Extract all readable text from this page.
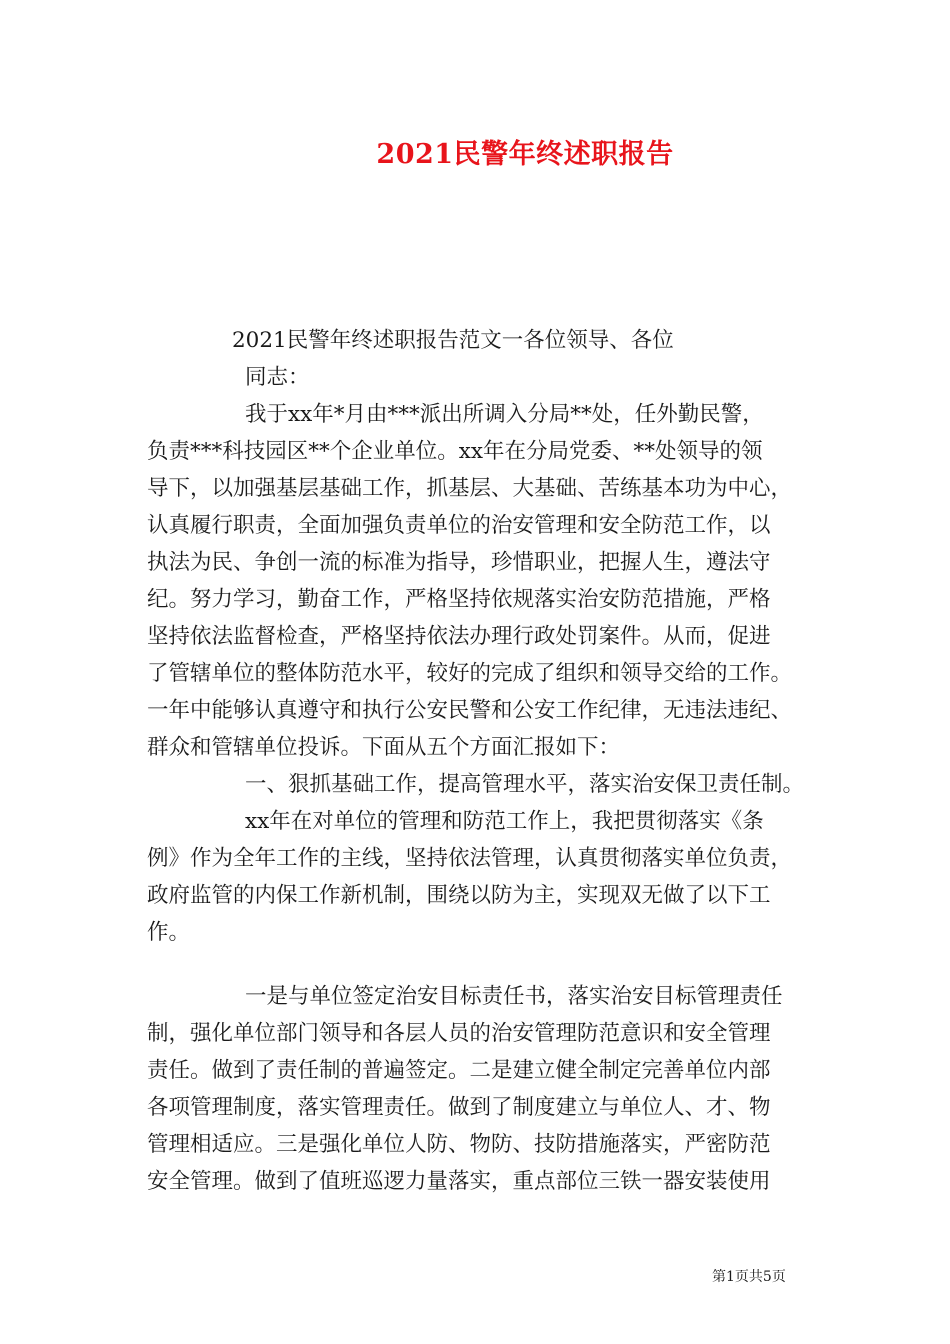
2021民警年终述职报告

2021民警年终述职报告范文一各位领导、各位

同志：

我于xx年*月由***派出所调入分局**处，任外勤民警，

负责***科技园区**个企业单位。xx年在分局党委、**处领导的领

导下，以加强基层基础工作，抓基层、大基础、苦练基本功为中心，

认真履行职责，全面加强负责单位的治安管理和安全防范工作，以

执法为民、争创一流的标准为指导，珍惜职业，把握人生，遵法守

纪。努力学习，勤奋工作，严格坚持依规落实治安防范措施，严格

坚持依法监督检查，严格坚持依法办理行政处罚案件。从而，促进

了管辖单位的整体防范水平，较好的完成了组织和领导交给的工作。

一年中能够认真遵守和执行公安民警和公安工作纪律，无违法违纪、

群众和管辖单位投诉。下面从五个方面汇报如下：

一、狠抓基础工作，提高管理水平，落实治安保卫责任制。

xx年在对单位的管理和防范工作上，我把贯彻落实《条

例》作为全年工作的主线，坚持依法管理，认真贯彻落实单位负责，

政府监管的内保工作新机制，围绕以防为主，实现双无做了以下工

作。

一是与单位签定治安目标责任书，落实治安目标管理责任

制，强化单位部门领导和各层人员的治安管理防范意识和安全管理

责任。做到了责任制的普遍签定。二是建立健全制定完善单位内部

各项管理制度，落实管理责任。做到了制度建立与单位人、才、物

管理相适应。三是强化单位人防、物防、技防措施落实，严密防范

安全管理。做到了值班巡逻力量落实，重点部位三铁一器安装使用

第1页共5页
